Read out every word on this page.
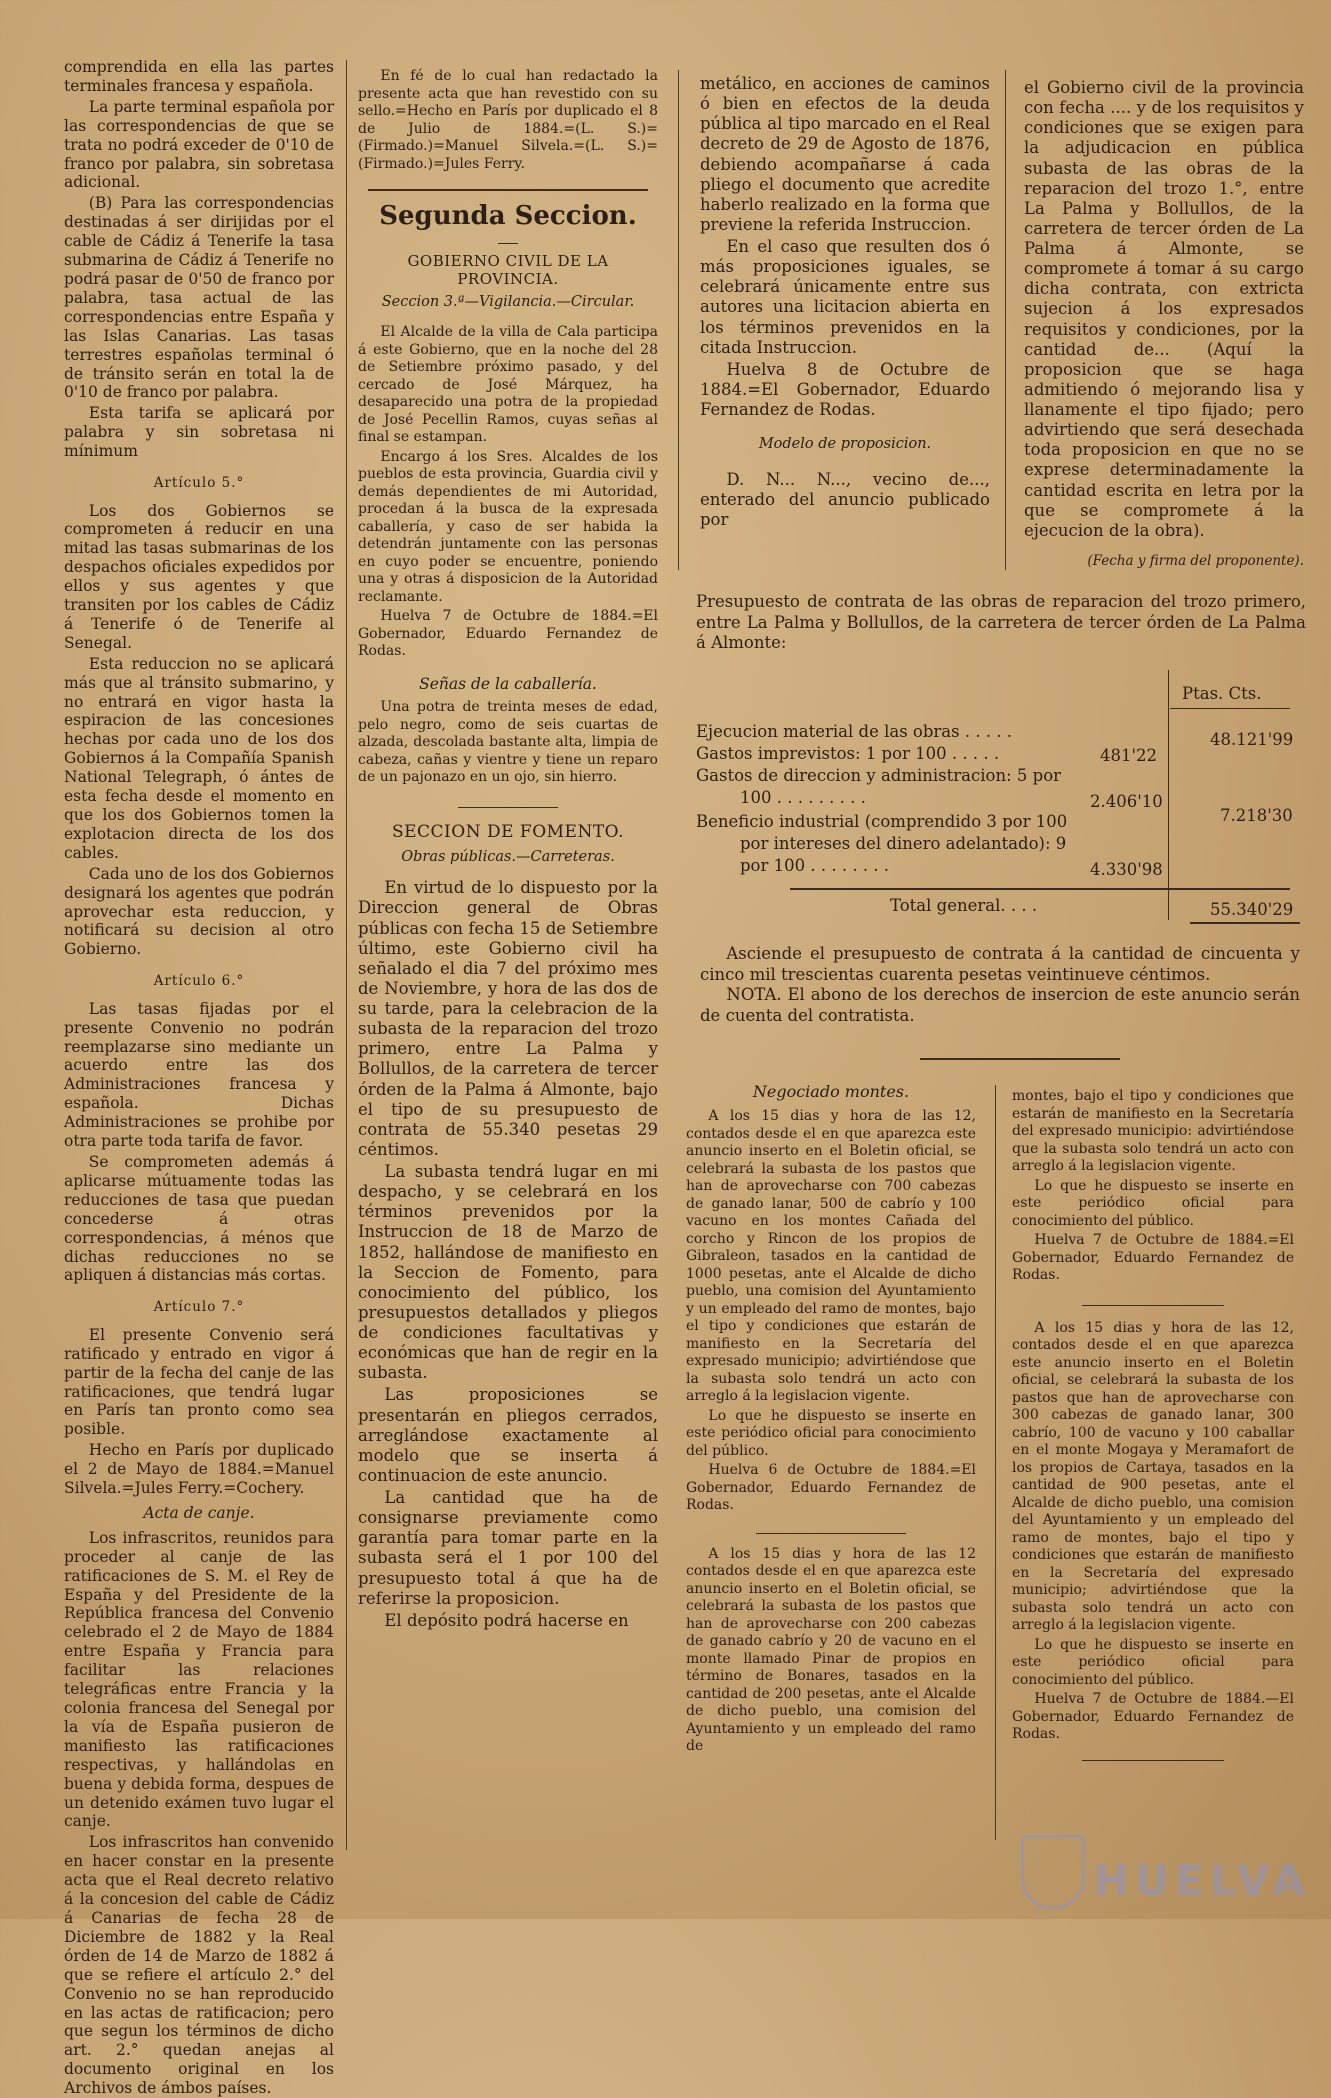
comprendida en ella las partes terminales francesa y española.

La parte terminal española por las correspondencias de que se trata no podrá exceder de 0'10 de franco por palabra, sin sobretasa adicional.

(B) Para las correspondencias destinadas á ser dirijidas por el cable de Cádiz á Tenerife la tasa submarina de Cádiz á Tenerife no podrá pasar de 0'50 de franco por palabra, tasa actual de las correspondencias entre España y las Islas Canarias. Las tasas terrestres españolas terminal ó de tránsito serán en total la de 0'10 de franco por palabra.

Esta tarifa se aplicará por palabra y sin sobretasa ni mínimum

Artículo 5.°

Los dos Gobiernos se comprometen á reducir en una mitad las tasas submarinas de los despachos oficiales expedidos por ellos y sus agentes y que transiten por los cables de Cádiz á Tenerife ó de Tenerife al Senegal.

Esta reduccion no se aplicará más que al tránsito submarino, y no entrará en vigor hasta la espiracion de las concesiones hechas por cada uno de los dos Gobiernos á la Compañía Spanish National Telegraph, ó ántes de esta fecha desde el momento en que los dos Gobiernos tomen la explotacion directa de los dos cables.

Cada uno de los dos Gobiernos designará los agentes que podrán aprovechar esta reduccion, y notificará su decision al otro Gobierno.

Artículo 6.°

Las tasas fijadas por el presente Convenio no podrán reemplazarse sino mediante un acuerdo entre las dos Administraciones francesa y española. Dichas Administraciones se prohibe por otra parte toda tarifa de favor.

Se comprometen además á aplicarse mútuamente todas las reducciones de tasa que puedan concederse á otras correspondencias, á ménos que dichas reducciones no se apliquen á distancias más cortas.

Artículo 7.°

El presente Convenio será ratificado y entrado en vigor á partir de la fecha del canje de las ratificaciones, que tendrá lugar en París tan pronto como sea posible.

Hecho en París por duplicado el 2 de Mayo de 1884.=Manuel Silvela.=Jules Ferry.=Cochery.

Acta de canje.

Los infrascritos, reunidos para proceder al canje de las ratificaciones de S. M. el Rey de España y del Presidente de la República francesa del Convenio celebrado el 2 de Mayo de 1884 entre España y Francia para facilitar las relaciones telegráficas entre Francia y la colonia francesa del Senegal por la vía de España pusieron de manifiesto las ratificaciones respectivas, y hallándolas en buena y debida forma, despues de un detenido exámen tuvo lugar el canje.

Los infrascritos han convenido en hacer constar en la presente acta que el Real decreto relativo á la concesion del cable de Cádiz á Canarias de fecha 28 de Diciembre de 1882 y la Real órden de 14 de Marzo de 1882 á que se refiere el artículo 2.° del Convenio no se han reproducido en las actas de ratificacion; pero que segun los términos de dicho art. 2.° quedan anejas al documento original en los Archivos de ámbos países.

En fé de lo cual han redactado la presente acta que han revestido con su sello.=Hecho en París por duplicado el 8 de Julio de 1884.=(L. S.)=(Firmado.)=Manuel Silvela.=(L. S.)=(Firmado.)=Jules Ferry.

Segunda Seccion.

GOBIERNO CIVIL DE LA PROVINCIA.

Seccion 3.ª—Vigilancia.—Circular.

El Alcalde de la villa de Cala participa á este Gobierno, que en la noche del 28 de Setiembre próximo pasado, y del cercado de José Márquez, ha desaparecido una potra de la propiedad de José Pecellin Ramos, cuyas señas al final se estampan.

Encargo á los Sres. Alcaldes de los pueblos de esta provincia, Guardia civil y demás dependientes de mi Autoridad, procedan á la busca de la expresada caballería, y caso de ser habida la detendrán juntamente con las personas en cuyo poder se encuentre, poniendo una y otras á disposicion de la Autoridad reclamante.

Huelva 7 de Octubre de 1884.=El Gobernador, Eduardo Fernandez de Rodas.

Señas de la caballería.

Una potra de treinta meses de edad, pelo negro, como de seis cuartas de alzada, descolada bastante alta, limpia de cabeza, cañas y vientre y tiene un reparo de un pajonazo en un ojo, sin hierro.

SECCION DE FOMENTO.

Obras públicas.—Carreteras.

En virtud de lo dispuesto por la Direccion general de Obras públicas con fecha 15 de Setiembre último, este Gobierno civil ha señalado el dia 7 del próximo mes de Noviembre, y hora de las dos de su tarde, para la celebracion de la subasta de la reparacion del trozo primero, entre La Palma y Bollullos, de la carretera de tercer órden de la Palma á Almonte, bajo el tipo de su presupuesto de contrata de 55.340 pesetas 29 céntimos.

La subasta tendrá lugar en mi despacho, y se celebrará en los términos prevenidos por la Instruccion de 18 de Marzo de 1852, hallándose de manifiesto en la Seccion de Fomento, para conocimiento del público, los presupuestos detallados y pliegos de condiciones facultativas y económicas que han de regir en la subasta.

Las proposiciones se presentarán en pliegos cerrados, arreglándose exactamente al modelo que se inserta á continuacion de este anuncio.

La cantidad que ha de consignarse previamente como garantía para tomar parte en la subasta será el 1 por 100 del presupuesto total á que ha de referirse la proposicion.

El depósito podrá hacerse en

metálico, en acciones de caminos ó bien en efectos de la deuda pública al tipo marcado en el Real decreto de 29 de Agosto de 1876, debiendo acompañarse á cada pliego el documento que acredite haberlo realizado en la forma que previene la referida Instruccion.

En el caso que resulten dos ó más proposiciones iguales, se celebrará únicamente entre sus autores una licitacion abierta en los términos prevenidos en la citada Instruccion.

Huelva 8 de Octubre de 1884.=El Gobernador, Eduardo Fernandez de Rodas.

Modelo de proposicion.

D. N... N..., vecino de..., enterado del anuncio publicado por

el Gobierno civil de la provincia con fecha .... y de los requisitos y condiciones que se exigen para la adjudicacion en pública subasta de las obras de la reparacion del trozo 1.°, entre La Palma y Bollullos, de la carretera de tercer órden de La Palma á Almonte, se compromete á tomar á su cargo dicha contrata, con extricta sujecion á los expresados requisitos y condiciones, por la cantidad de... (Aquí la proposicion que se haga admitiendo ó mejorando lisa y llanamente el tipo fijado; pero advirtiendo que será desechada toda proposicion en que no se exprese determinadamente la cantidad escrita en letra por la que se compromete á la ejecucion de la obra).

(Fecha y firma del proponente).

Presupuesto de contrata de las obras de reparacion del trozo primero, entre La Palma y Bollullos, de la carretera de tercer órden de La Palma á Almonte:

Ptas. Cts.
Ejecucion material de las obras . . . . .	48.121'99
Gastos imprevistos: 1 por 100 . . . . .	481'22
Gastos de direccion y administracion: 5 por
100 . . . . . . . . .	2.406'10
Beneficio industrial (comprendido 3 por 100	7.218'30
por intereses del dinero adelantado): 9
por 100 . . . . . . . .	4.330'98
Total general. . . .	55.340'29

Asciende el presupuesto de contrata á la cantidad de cincuenta y cinco mil trescientas cuarenta pesetas veintinueve céntimos.

NOTA. El abono de los derechos de insercion de este anuncio serán de cuenta del contratista.

Negociado montes.

A los 15 dias y hora de las 12, contados desde el en que aparezca este anuncio inserto en el Boletin oficial, se celebrará la subasta de los pastos que han de aprovecharse con 700 cabezas de ganado lanar, 500 de cabrío y 100 vacuno en los montes Cañada del corcho y Rincon de los propios de Gibraleon, tasados en la cantidad de 1000 pesetas, ante el Alcalde de dicho pueblo, una comision del Ayuntamiento y un empleado del ramo de montes, bajo el tipo y condiciones que estarán de manifiesto en la Secretaría del expresado municipio; advirtiéndose que la subasta solo tendrá un acto con arreglo á la legislacion vigente.

Lo que he dispuesto se inserte en este periódico oficial para conocimiento del público.

Huelva 6 de Octubre de 1884.=El Gobernador, Eduardo Fernandez de Rodas.

A los 15 dias y hora de las 12 contados desde el en que aparezca este anuncio inserto en el Boletin oficial, se celebrará la subasta de los pastos que han de aprovecharse con 200 cabezas de ganado cabrío y 20 de vacuno en el monte llamado Pinar de propios en término de Bonares, tasados en la cantidad de 200 pesetas, ante el Alcalde de dicho pueblo, una comision del Ayuntamiento y un empleado del ramo de

montes, bajo el tipo y condiciones que estarán de manifiesto en la Secretaría del expresado municipio: advirtiéndose que la subasta solo tendrá un acto con arreglo á la legislacion vigente.

Lo que he dispuesto se inserte en este periódico oficial para conocimiento del público.

Huelva 7 de Octubre de 1884.=El Gobernador, Eduardo Fernandez de Rodas.

A los 15 dias y hora de las 12, contados desde el en que aparezca este anuncio inserto en el Boletin oficial, se celebrará la subasta de los pastos que han de aprovecharse con 300 cabezas de ganado lanar, 300 cabrío, 100 de vacuno y 100 caballar en el monte Mogaya y Meramafort de los propios de Cartaya, tasados en la cantidad de 900 pesetas, ante el Alcalde de dicho pueblo, una comision del Ayuntamiento y un empleado del ramo de montes, bajo el tipo y condiciones que estarán de manifiesto en la Secretaría del expresado municipio; advirtiéndose que la subasta solo tendrá un acto con arreglo á la legislacion vigente.

Lo que he dispuesto se inserte en este periódico oficial para conocimiento del público.

Huelva 7 de Octubre de 1884.—El Gobernador, Eduardo Fernandez de Rodas.

HUELVA
